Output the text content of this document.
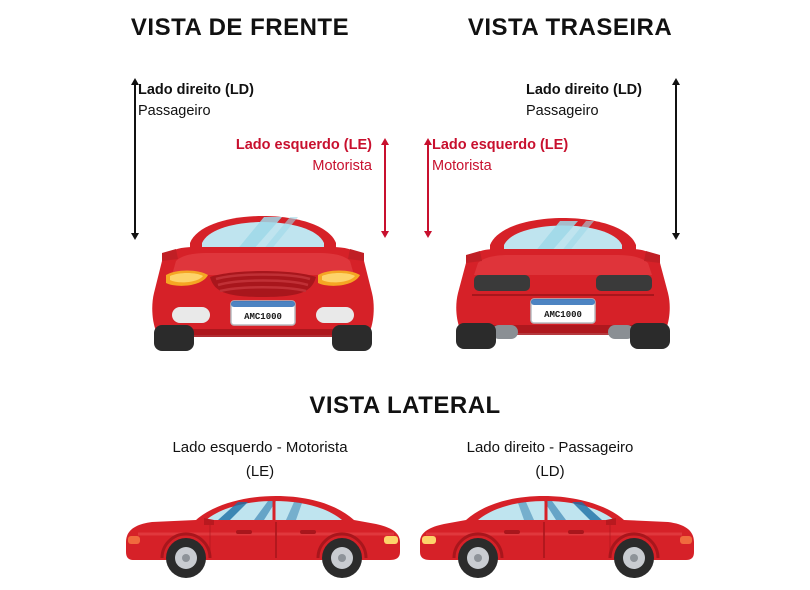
VISTA DE FRENTE	VISTA TRASEIRA
VISTA LATERAL
Lado direito (LD)
Passageiro
Lado esquerdo (LE)
Motorista
Lado direito (LD)
Passageiro
Lado esquerdo (LE)
Motorista
AMC1000	AMC1000
Lado esquerdo - Motorista
(LE)
Lado direito - Passageiro
(LD)
